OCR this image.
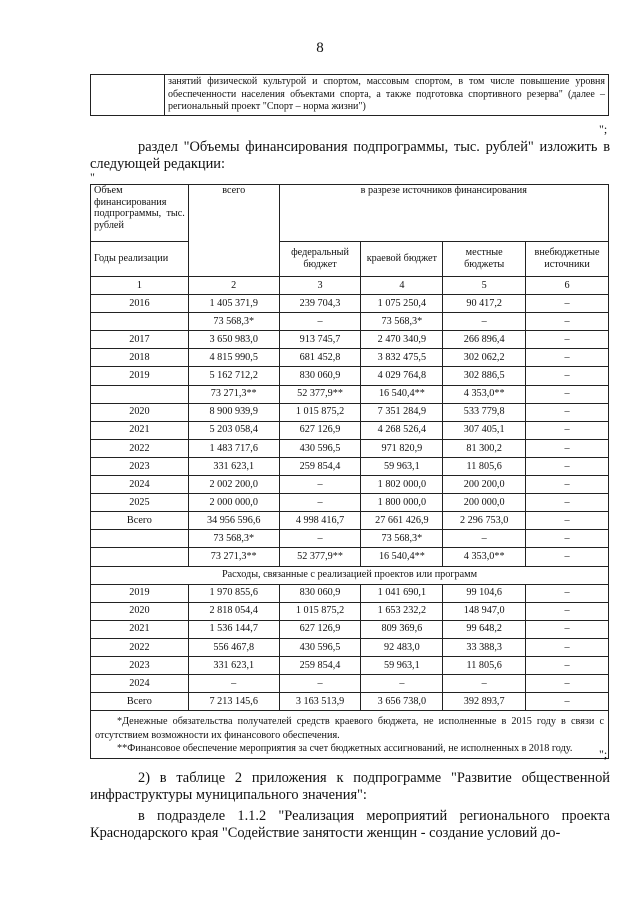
8
	занятий физической культурой и спортом, массовым спортом, в том числе повышение уровня обеспеченности населения объектами спорта, а также подготовка спортивного резерва" (далее – региональный проект "Спорт – норма жизни")
";
раздел "Объемы финансирования подпрограммы, тыс. рублей" изложить в следующей редакции:
"
Объем финансирования подпрограммы, тыс. рублей	всего	в разрезе источников финансирования			
Годы реализации		федеральный бюджет	краевой бюджет	местные бюджеты	внебюджетные источники
1	2	3	4	5	6
2016	1 405 371,9	239 704,3	1 075 250,4	90 417,2	–
	73 568,3*	–	73 568,3*	–	–
2017	3 650 983,0	913 745,7	2 470 340,9	266 896,4	–
2018	4 815 990,5	681 452,8	3 832 475,5	302 062,2	–
2019	5 162 712,2	830 060,9	4 029 764,8	302 886,5	–
	73 271,3**	52 377,9**	16 540,4**	4 353,0**	–
2020	8 900 939,9	1 015 875,2	7 351 284,9	533 779,8	–
2021	5 203 058,4	627 126,9	4 268 526,4	307 405,1	–
2022	1 483 717,6	430 596,5	971 820,9	81 300,2	–
2023	331 623,1	259 854,4	59 963,1	11 805,6	–
2024	2 002 200,0	–	1 802 000,0	200 200,0	–
2025	2 000 000,0	–	1 800 000,0	200 000,0	–
Всего	34 956 596,6	4 998 416,7	27 661 426,9	2 296 753,0	–
	73 568,3*	–	73 568,3*	–	–
	73 271,3**	52 377,9**	16 540,4**	4 353,0**	–
Расходы, связанные с реализацией проектов или программ					
2019	1 970 855,6	830 060,9	1 041 690,1	99 104,6	–
2020	2 818 054,4	1 015 875,2	1 653 232,2	148 947,0	–
2021	1 536 144,7	627 126,9	809 369,6	99 648,2	–
2022	556 467,8	430 596,5	92 483,0	33 388,3	–
2023	331 623,1	259 854,4	59 963,1	11 805,6	–
2024	–	–	–	–	–
Всего	7 213 145,6	3 163 513,9	3 656 738,0	392 893,7	–

*Денежные обязательства получателей средств краевого бюджета, не исполненные в 2015 году в связи с отсутствием возможности их финансового обеспечения.
**Финансовое обеспечение мероприятия за счет бюджетных ассигнований, не исполненных в 2018 году.						";
2) в таблице 2 приложения к подпрограмме "Развитие общественной инфраструктуры муниципального значения":
в подразделе 1.1.2 "Реализация мероприятий регионального проекта Краснодарского края "Содействие занятости женщин - создание условий до-
